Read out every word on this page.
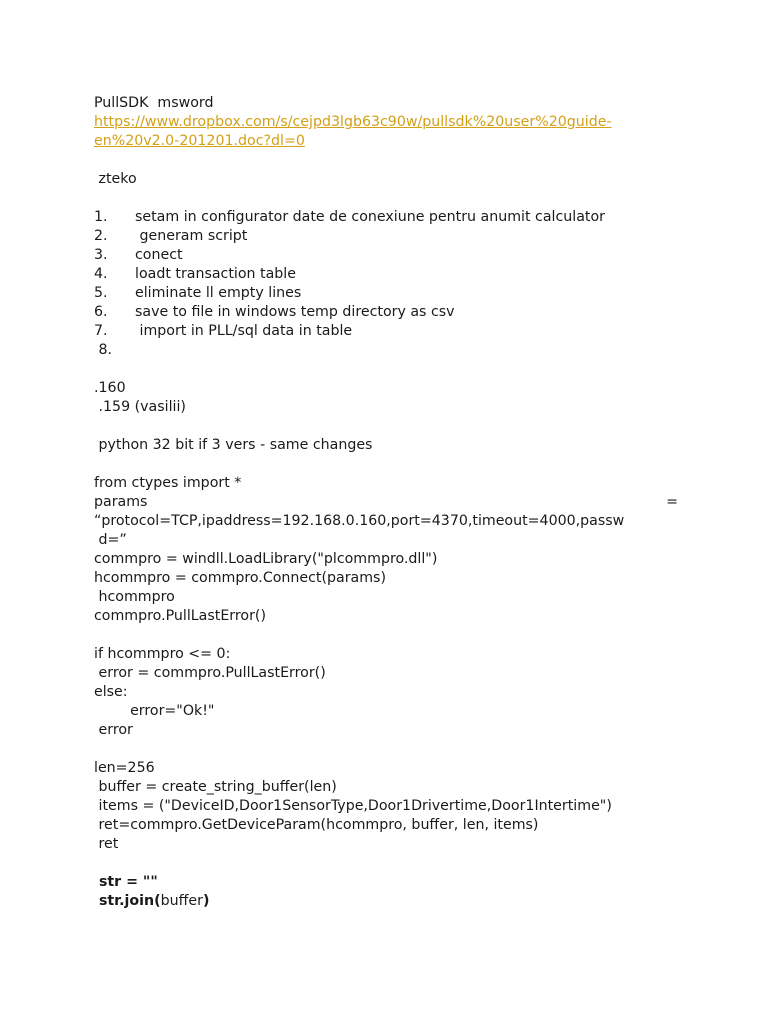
PullSDK  msword
https://www.dropbox.com/s/cejpd3lgb63c90w/pullsdk%20user%20guide-
en%20v2.0-201201.doc?dl=0
zteko
1. setam in configurator date de conexiune pentru anumit calculator
2. generam script
3. conect
4. loadt transaction table
5. eliminate ll empty lines
6. save to file in windows temp directory as csv
7. import in PLL/sql data in table
8.
.160
.159 (vasilii)
python 32 bit if 3 vers - same changes
from ctypes import *
params	=
“protocol=TCP,ipaddress=192.168.0.160,port=4370,timeout=4000,passw
d=”
commpro = windll.LoadLibrary("plcommpro.dll")
hcommpro = commpro.Connect(params)
hcommpro
commpro.PullLastError()
if hcommpro <= 0:
error = commpro.PullLastError()
else:
error="Ok!"
error
len=256
buffer = create_string_buffer(len)
items = ("DeviceID,Door1SensorType,Door1Drivertime,Door1Intertime")
ret=commpro.GetDeviceParam(hcommpro, buffer, len, items)
ret
str = ""
str.join(buffer)
